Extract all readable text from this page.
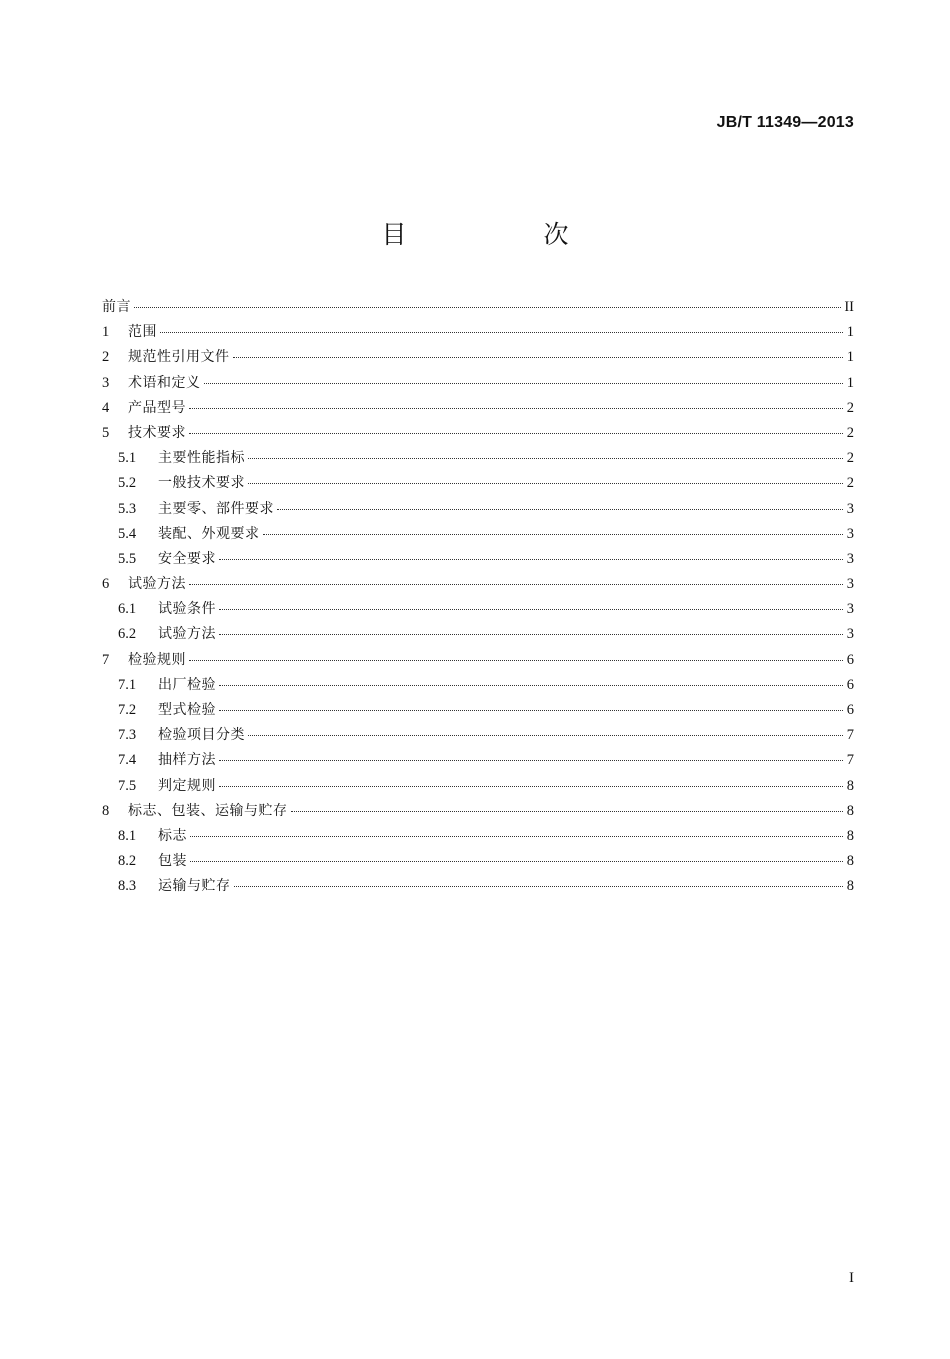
JB/T 11349—2013
目　次
前言	II
1	范围	1
2	规范性引用文件	1
3	术语和定义	1
4	产品型号	2
5	技术要求	2
5.1	主要性能指标	2
5.2	一般技术要求	2
5.3	主要零、部件要求	3
5.4	装配、外观要求	3
5.5	安全要求	3
6	试验方法	3
6.1	试验条件	3
6.2	试验方法	3
7	检验规则	6
7.1	出厂检验	6
7.2	型式检验	6
7.3	检验项目分类	7
7.4	抽样方法	7
7.5	判定规则	8
8	标志、包装、运输与贮存	8
8.1	标志	8
8.2	包装	8
8.3	运输与贮存	8
I
